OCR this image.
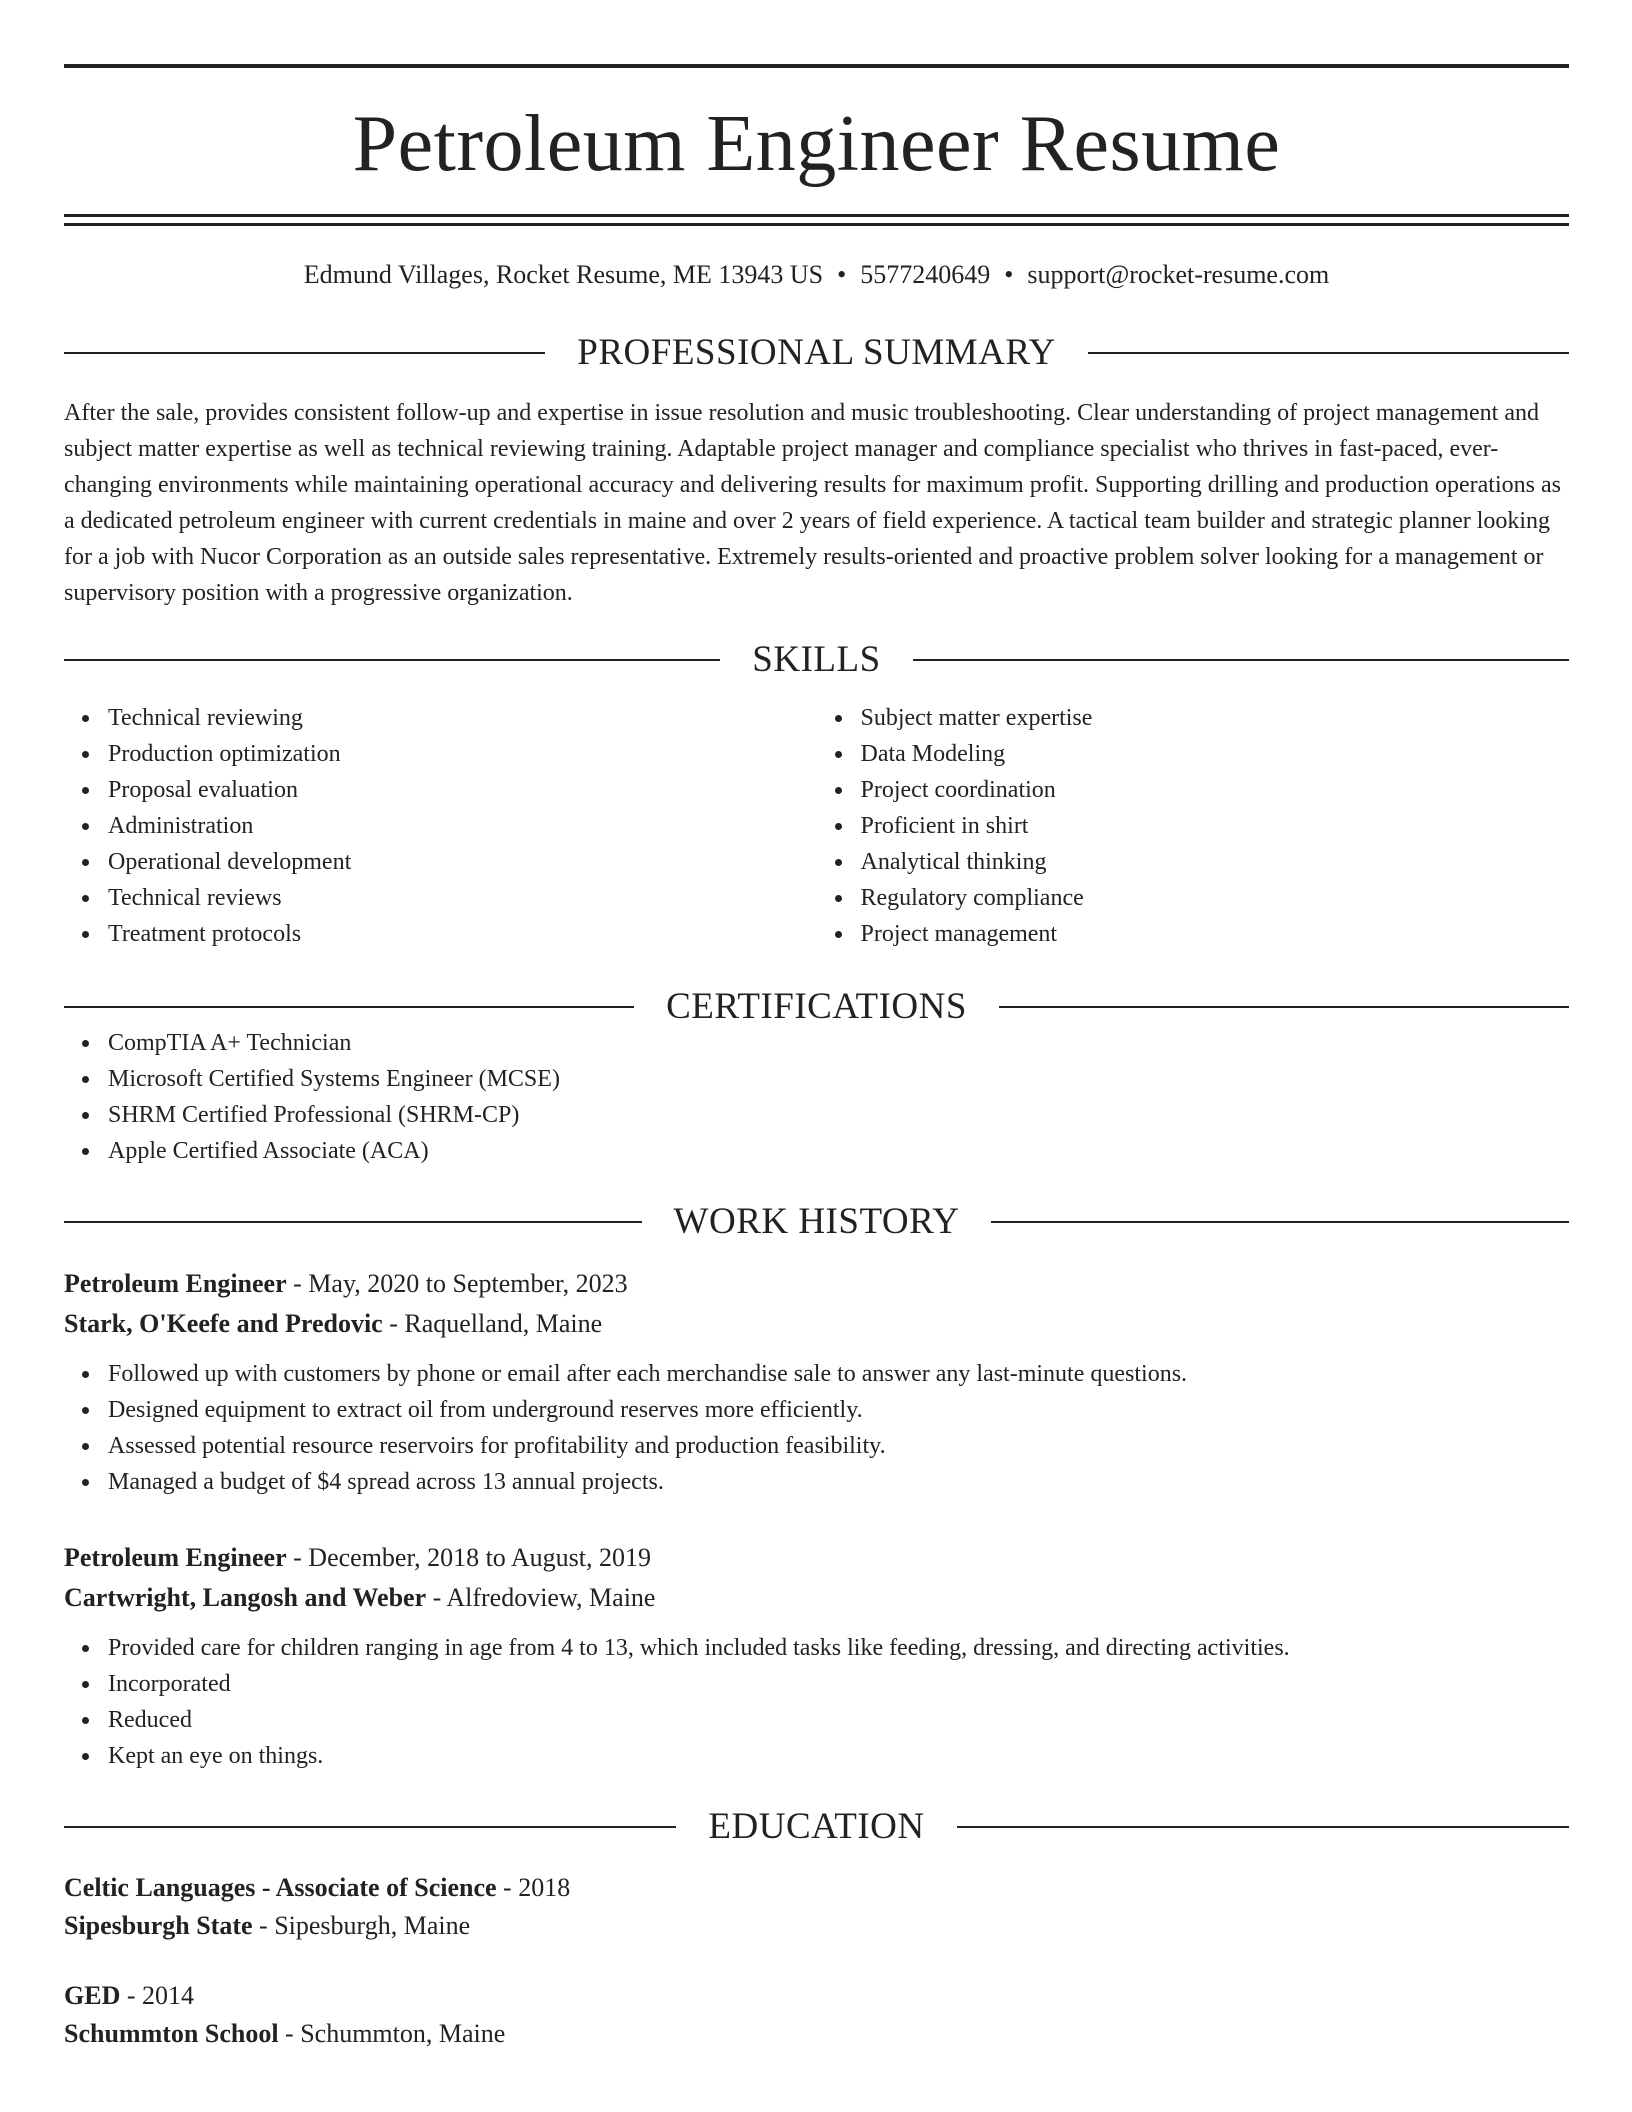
Petroleum Engineer Resume
Edmund Villages, Rocket Resume, ME 13943 US • 5577240649 • support@rocket-resume.com
PROFESSIONAL SUMMARY

After the sale, provides consistent follow-up and expertise in issue resolution and music troubleshooting. Clear understanding of project management and subject matter expertise as well as technical reviewing training. Adaptable project manager and compliance specialist who thrives in fast-paced, ever-changing environments while maintaining operational accuracy and delivering results for maximum profit. Supporting drilling and production operations as a dedicated petroleum engineer with current credentials in maine and over 2 years of field experience. A tactical team builder and strategic planner looking for a job with Nucor Corporation as an outside sales representative. Extremely results-oriented and proactive problem solver looking for a management or supervisory position with a progressive organization.

SKILLS
Technical reviewing
Production optimization
Proposal evaluation
Administration
Operational development
Technical reviews
Treatment protocols
Subject matter expertise
Data Modeling
Project coordination
Proficient in shirt
Analytical thinking
Regulatory compliance
Project management
CERTIFICATIONS
CompTIA A+ Technician
Microsoft Certified Systems Engineer (MCSE)
SHRM Certified Professional (SHRM-CP)
Apple Certified Associate (ACA)
WORK HISTORY
Petroleum Engineer - May, 2020 to September, 2023
Stark, O'Keefe and Predovic - Raquelland, Maine
Followed up with customers by phone or email after each merchandise sale to answer any last-minute questions.
Designed equipment to extract oil from underground reserves more efficiently.
Assessed potential resource reservoirs for profitability and production feasibility.
Managed a budget of $4 spread across 13 annual projects.
Petroleum Engineer - December, 2018 to August, 2019
Cartwright, Langosh and Weber - Alfredoview, Maine
Provided care for children ranging in age from 4 to 13, which included tasks like feeding, dressing, and directing activities.
Incorporated
Reduced
Kept an eye on things.
EDUCATION
Celtic Languages - Associate of Science - 2018
Sipesburgh State - Sipesburgh, Maine
GED - 2014
Schummton School - Schummton, Maine
